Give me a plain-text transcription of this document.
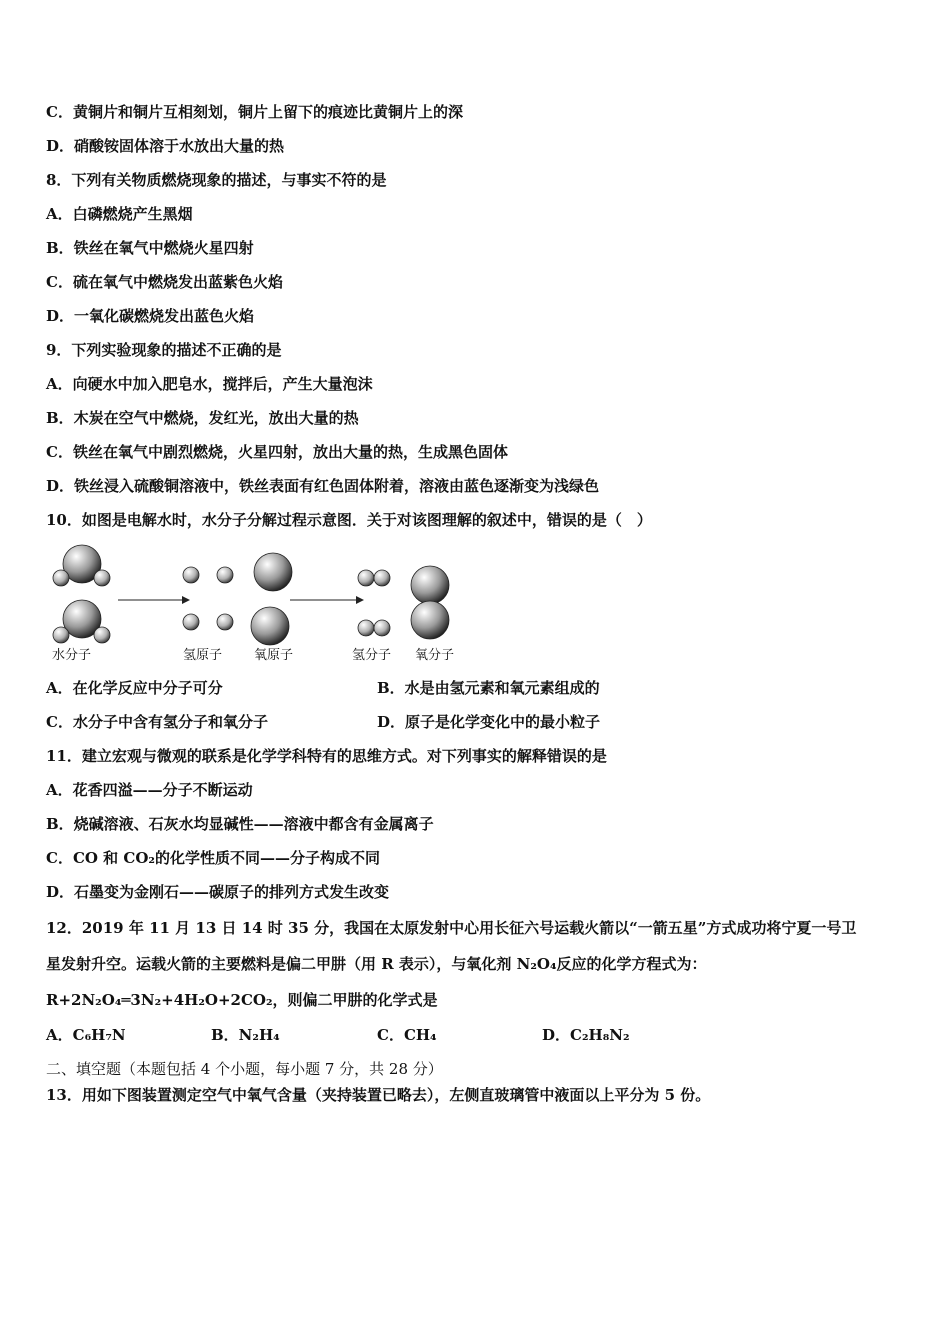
C．黄铜片和铜片互相刻划，铜片上留下的痕迹比黄铜片上的深
D．硝酸铵固体溶于水放出大量的热
8．下列有关物质燃烧现象的描述，与事实不符的是
A．白磷燃烧产生黑烟
B．铁丝在氧气中燃烧火星四射
C．硫在氧气中燃烧发出蓝紫色火焰
D．一氧化碳燃烧发出蓝色火焰
9．下列实验现象的描述不正确的是
A．向硬水中加入肥皂水，搅拌后，产生大量泡沫
B．木炭在空气中燃烧，发红光，放出大量的热
C．铁丝在氧气中剧烈燃烧，火星四射，放出大量的热，生成黑色固体
D．铁丝浸入硫酸铜溶液中，铁丝表面有红色固体附着，溶液由蓝色逐渐变为浅绿色
10．如图是电解水时，水分子分解过程示意图．关于对该图理解的叙述中，错误的是（　）
水分子	氢原子 氧原子	氢分子 氧分子
A．在化学反应中分子可分	B．水是由氢元素和氧元素组成的
C．水分子中含有氢分子和氧分子	D．原子是化学变化中的最小粒子
11．建立宏观与微观的联系是化学学科特有的思维方式。对下列事实的解释错误的是
A．花香四溢——分子不断运动
B．烧碱溶液、石灰水均显碱性——溶液中都含有金属离子
C．CO 和 CO₂的化学性质不同——分子构成不同
D．石墨变为金刚石——碳原子的排列方式发生改变
12．2019 年 11 月 13 日 14 时 35 分，我国在太原发射中心用长征六号运载火箭以“一箭五星”方式成功将宁夏一号卫
星发射升空。运载火箭的主要燃料是偏二甲肼（用 R 表示），与氧化剂 N₂O₄反应的化学方程式为：
R+2N₂O₄═3N₂+4H₂O+2CO₂，则偏二甲肼的化学式是
A．C₆H₇N	B．N₂H₄	C．CH₄	D．C₂H₈N₂
二、填空题（本题包括 4 个小题，每小题 7 分，共 28 分）
13．用如下图装置测定空气中氧气含量（夹持装置已略去），左侧直玻璃管中液面以上平分为 5 份。
